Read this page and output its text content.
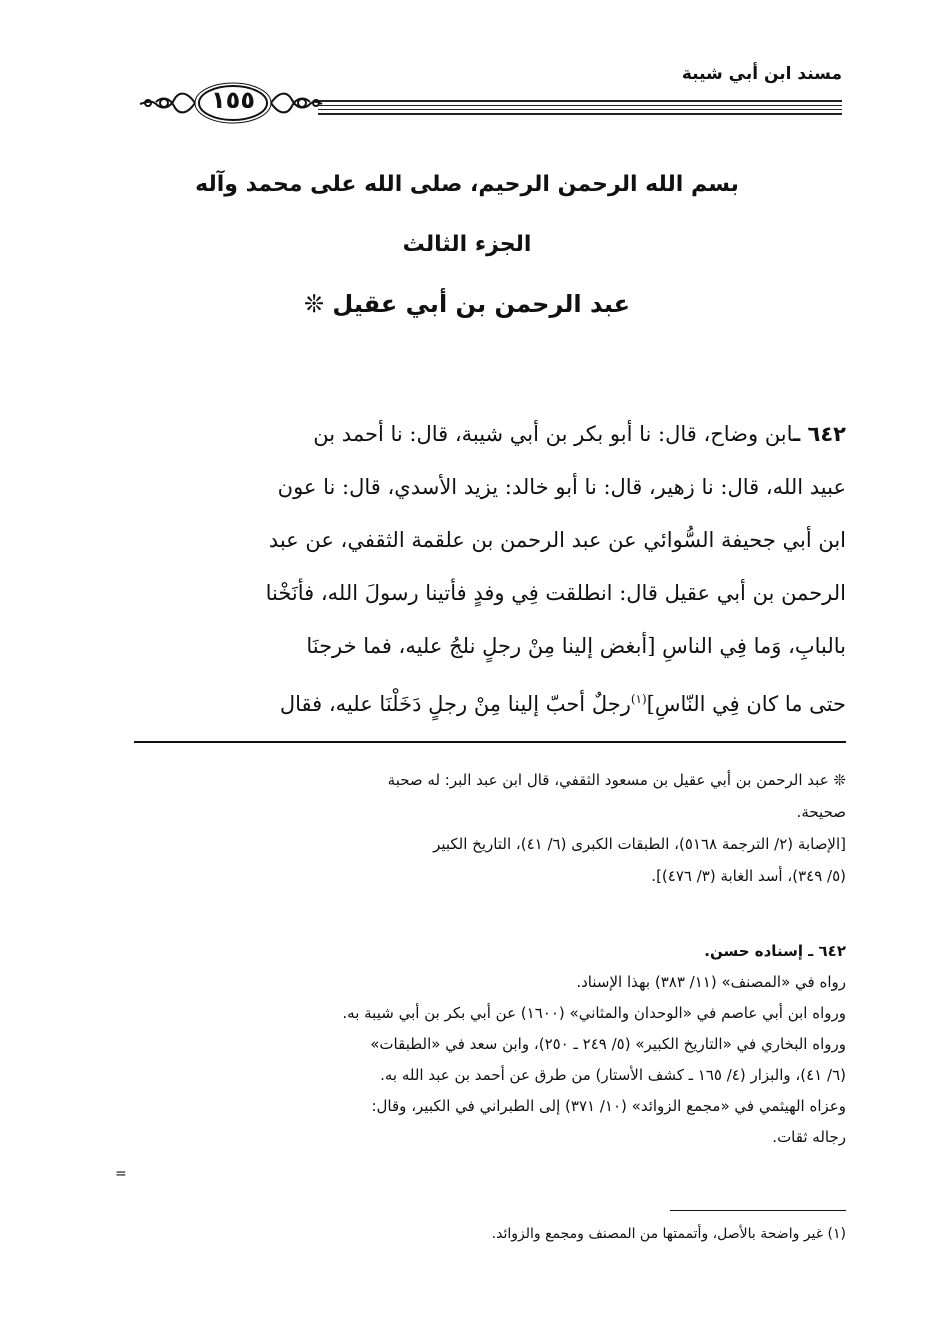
مسند ابن أبي شيبة
١٥٥
بسم الله الرحمن الرحيم، صلى الله على محمد وآله
الجزء الثالث
عبد الرحمن بن أبي عقيل ❊
٦٤٢ ـابن وضاح، قال: نا أبو بكر بن أبي شيبة، قال: نا أحمد بن
عبيد الله، قال: نا زهير، قال: نا أبو خالد: يزيد الأسدي، قال: نا عون
ابن أبي جحيفة السُّوائي عن عبد الرحمن بن علقمة الثقفي، عن عبد
الرحمن بن أبي عقيل قال: انطلقت فِي وفدٍ فأتينا رسولَ الله، فأنَخْنا
بالبابِ، وَما فِي الناسِ [أبغض إلينا مِنْ رجلٍ نلجُ عليه، فما خرجنَا
حتى ما كان فِي النّاسِ]$^{(١)}$رجلٌ أحبّ إلينا مِنْ رجلٍ دَخَلْنَا عليه، فقال
❊ عبد الرحمن بن أبي عقيل بن مسعود الثقفي، قال ابن عبد البر: له صحبة
صحيحة.
[الإصابة (٢/ الترجمة ٥١٦٨)، الطبقات الكبرى (٦/ ٤١)، التاريخ الكبير
(٥/ ٣٤٩)، أسد الغابة (٣/ ٤٧٦)].
٦٤٢ ـ إسناده حسن.
رواه في «المصنف» (١١/ ٣٨٣) بهذا الإسناد.
ورواه ابن أبي عاصم في «الوحدان والمثاني» (١٦٠٠) عن أبي بكر بن أبي شيبة به.
ورواه البخاري في «التاريخ الكبير» (٥/ ٢٤٩ ـ ٢٥٠)، وابن سعد في «الطبقات»
(٦/ ٤١)، والبزار (٤/ ١٦٥ ـ كشف الأستار) من طرق عن أحمد بن عبد الله به.
وعزاه الهيثمي في «مجمع الزوائد» (١٠/ ٣٧١) إلى الطبراني في الكبير، وقال:
رجاله ثقات.
=
(١) غير واضحة بالأصل، وأتممتها من المصنف ومجمع والزوائد.
